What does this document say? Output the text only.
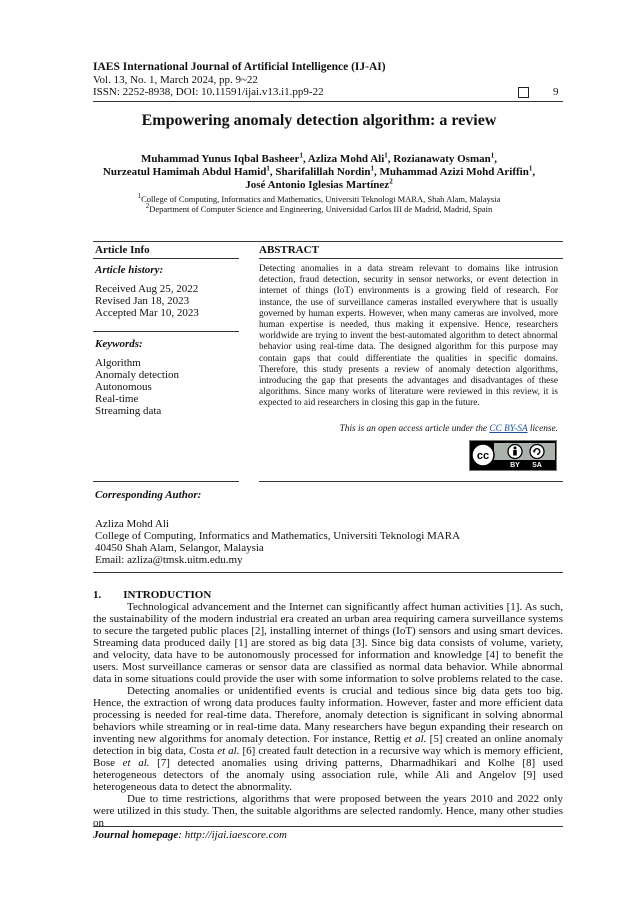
IAES International Journal of Artificial Intelligence (IJ-AI)
Vol. 13, No. 1, March 2024, pp. 9~22
ISSN: 2252-8938, DOI: 10.11591/ijai.v13.i1.pp9-22	9
Empowering anomaly detection algorithm: a review
Muhammad Yunus Iqbal Basheer$^1$, Azliza Mohd Ali$^1$, Rozianawaty Osman$^1$,
Nurzeatul Hamimah Abdul Hamid$^1$, Sharifalillah Nordin$^1$, Muhammad Azizi Mohd Ariffin$^1$,
José Antonio Iglesias Martínez$^2$
$^1$College of Computing, Informatics and Mathematics, Universiti Teknologi MARA, Shah Alam, Malaysia
$^2$Department of Computer Science and Engineering, Universidad Carlos III de Madrid, Madrid, Spain
Article Info	ABSTRACT
Article history:
Received Aug 25, 2022
Revised Jan 18, 2023
Accepted Mar 10, 2023
Keywords:
Algorithm
Anomaly detection
Autonomous
Real-time
Streaming data
Detecting anomalies in a data stream relevant to domains like intrusion detection, fraud detection, security in sensor networks, or event detection in internet of things (IoT) environments is a growing field of research. For instance, the use of surveillance cameras installed everywhere that is usually governed by human experts. However, when many cameras are involved, more human expertise is needed, thus making it expensive. Hence, researchers worldwide are trying to invent the best-automated algorithm to detect abnormal behavior using real-time data. The designed algorithm for this purpose may contain gaps that could differentiate the qualities in specific domains. Therefore, this study presents a review of anomaly detection algorithms, introducing the gap that presents the advantages and disadvantages of these algorithms. Since many works of literature were reviewed in this review, it is expected to aid researchers in closing this gap in the future.
This is an open access article under the CC BY-SA license.
cc
BY SA
Corresponding Author:
Azliza Mohd Ali
College of Computing, Informatics and Mathematics, Universiti Teknologi MARA
40450 Shah Alam, Selangor, Malaysia
Email: azliza@tmsk.uitm.edu.my
1. INTRODUCTION

Technological advancement and the Internet can significantly affect human activities [1]. As such, the sustainability of the modern industrial era created an urban area requiring camera surveillance systems to secure the targeted public places [2], installing internet of things (IoT) sensors and using smart devices. Streaming data produced daily [1] are stored as big data [3]. Since big data consists of volume, variety, and velocity, data have to be autonomously processed for information and knowledge [4] to benefit the users. Most surveillance cameras or sensor data are classified as normal data behavior. While abnormal data in some situations could provide the user with some information to solve problems related to the case.

Detecting anomalies or unidentified events is crucial and tedious since big data gets too big. Hence, the extraction of wrong data produces faulty information. However, faster and more efficient data processing is needed for real-time data. Therefore, anomaly detection is significant in solving abnormal behaviors while streaming or in real-time data. Many researchers have begun expanding their research on inventing new algorithms for anomaly detection. For instance, Rettig et al. [5] created an online anomaly detection in big data, Costa et al. [6] created fault detection in a recursive way which is memory efficient, Bose et al. [7] detected anomalies using driving patterns, Dharmadhikari and Kolhe [8] used heterogeneous detectors of the anomaly using association rule, while Ali and Angelov [9] used heterogeneous data to detect the abnormality.

Due to time restrictions, algorithms that were proposed between the years 2010 and 2022 only were utilized in this study. Then, the suitable algorithms are selected randomly. Hence, many other studies on

Journal homepage: http://ijai.iaescore.com
